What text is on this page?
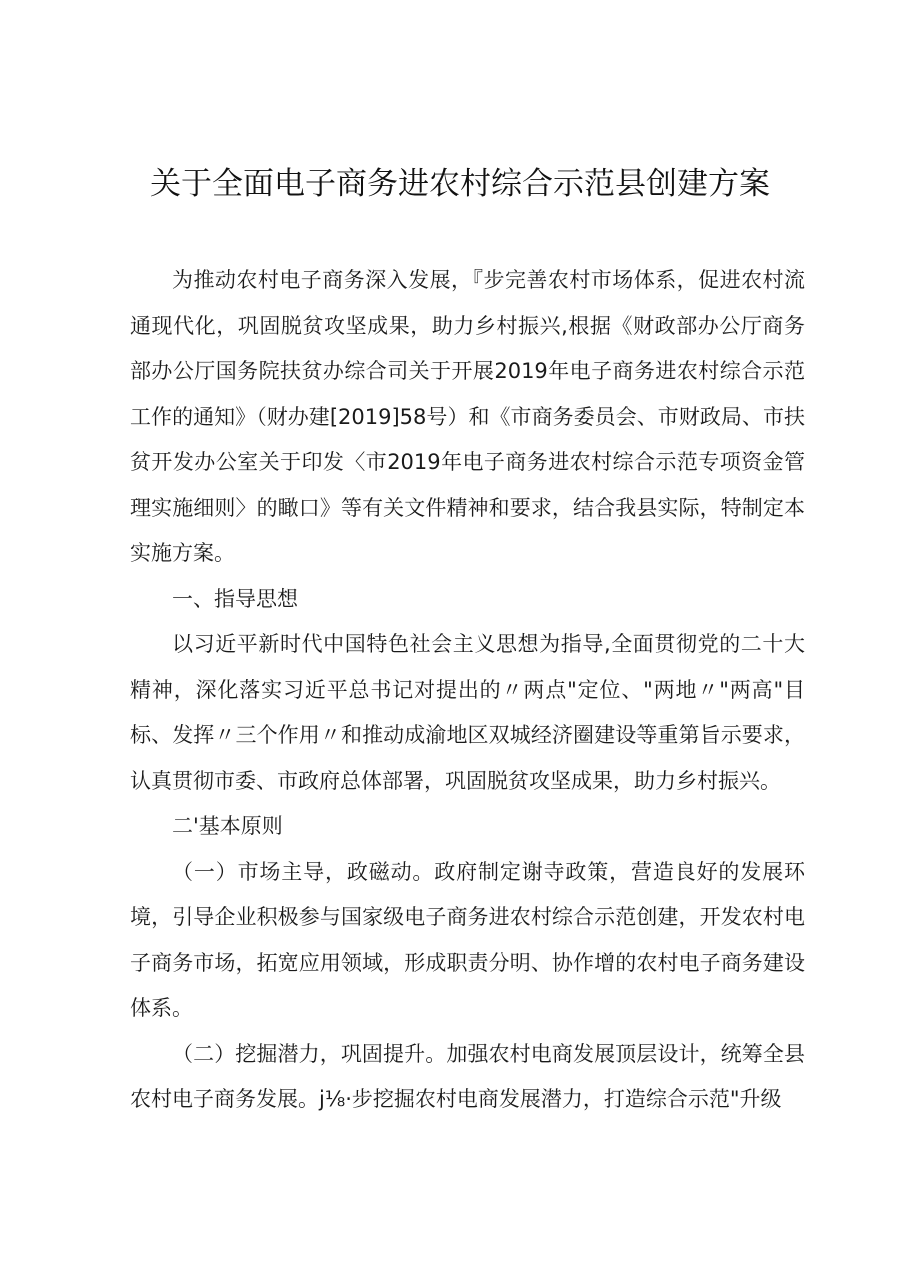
关于全面电子商务进农村综合示范县创建方案

为推动农村电子商务深入发展，『步完善农村市场体系，促进农村流通现代化，巩固脱贫攻坚成果，助力乡村振兴,根据《财政部办公厅商务部办公厅国务院扶贫办综合司关于开展2019年电子商务进农村综合示范工作的通知》（财办建[2019]58号）和《市商务委员会、市财政局、市扶贫开发办公室关于印发〈市2019年电子商务进农村综合示范专项资金管理实施细则〉的瞰口》等有关文件精神和要求，结合我县实际，特制定本实施方案。

一、指导思想

以习近平新时代中国特色社会主义思想为指导,全面贯彻党的二十大精神，深化落实习近平总书记对提出的〃两点"定位、"两地〃"两高"目标、发挥〃三个作用〃和推动成渝地区双城经济圈建设等重第旨示要求，认真贯彻市委、市政府总体部署，巩固脱贫攻坚成果，助力乡村振兴。

二'基本原则

（一）市场主导，政磁动。政府制定谢寺政策，营造良好的发展环境，引导企业积极参与国家级电子商务进农村综合示范创建，开发农村电子商务市场，拓宽应用领域，形成职责分明、协作增的农村电子商务建设体系。

（二）挖掘潜力，巩固提升。加强农村电商发展顶层设计，统筹全县农村电子商务发展。j⅛·步挖掘农村电商发展潜力，打造综合示范"升级
